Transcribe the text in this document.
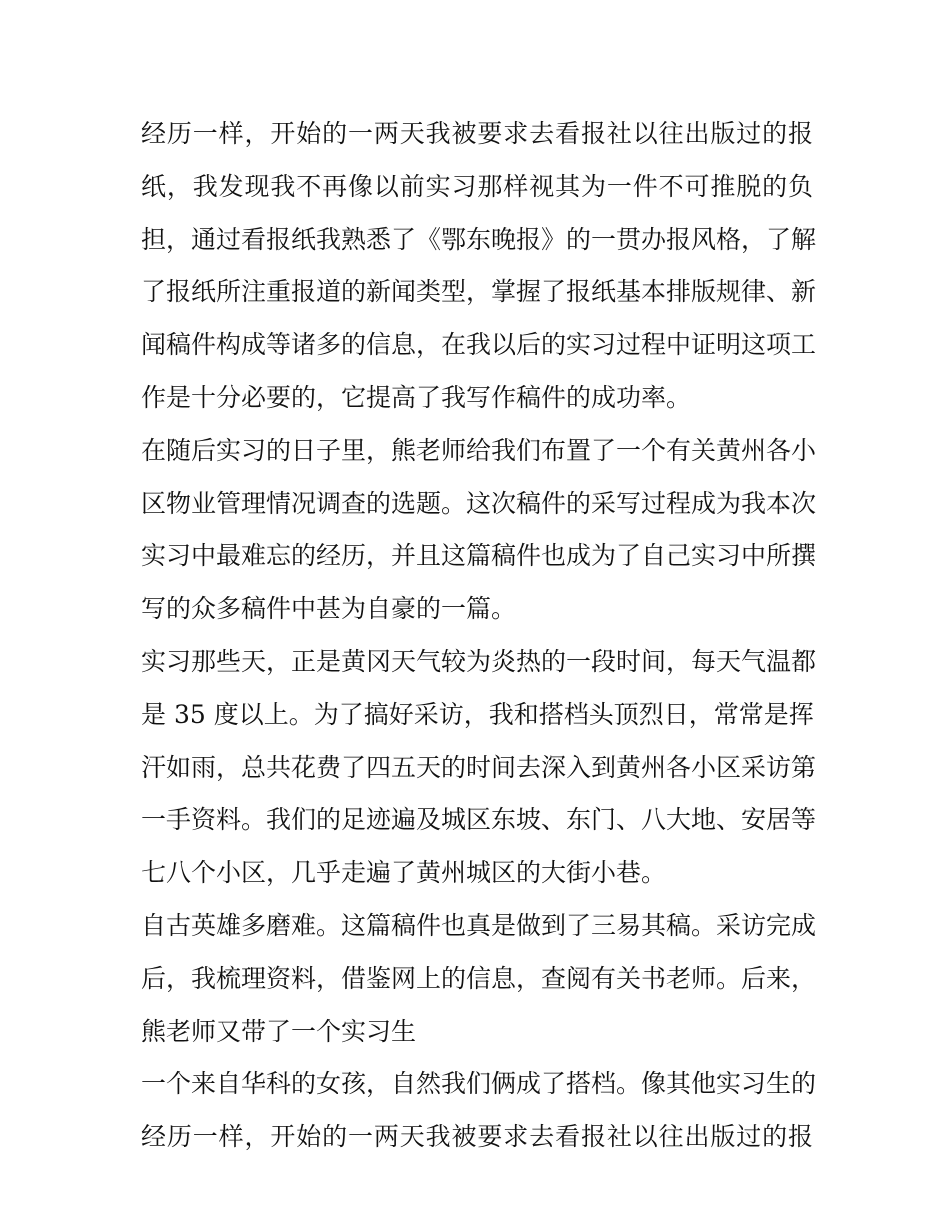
经历一样，开始的一两天我被要求去看报社以往出版过的报
纸，我发现我不再像以前实习那样视其为一件不可推脱的负
担，通过看报纸我熟悉了《鄂东晚报》的一贯办报风格，了解
了报纸所注重报道的新闻类型，掌握了报纸基本排版规律、新
闻稿件构成等诸多的信息，在我以后的实习过程中证明这项工
作是十分必要的，它提高了我写作稿件的成功率。
在随后实习的日子里，熊老师给我们布置了一个有关黄州各小
区物业管理情况调查的选题。这次稿件的采写过程成为我本次
实习中最难忘的经历，并且这篇稿件也成为了自己实习中所撰
写的众多稿件中甚为自豪的一篇。
实习那些天，正是黄冈天气较为炎热的一段时间，每天气温都
是 35 度以上。为了搞好采访，我和搭档头顶烈日，常常是挥
汗如雨，总共花费了四五天的时间去深入到黄州各小区采访第
一手资料。我们的足迹遍及城区东坡、东门、八大地、安居等
七八个小区，几乎走遍了黄州城区的大街小巷。
自古英雄多磨难。这篇稿件也真是做到了三易其稿。采访完成
后，我梳理资料，借鉴网上的信息，查阅有关书老师。后来，
熊老师又带了一个实习生
一个来自华科的女孩，自然我们俩成了搭档。像其他实习生的
经历一样，开始的一两天我被要求去看报社以往出版过的报
